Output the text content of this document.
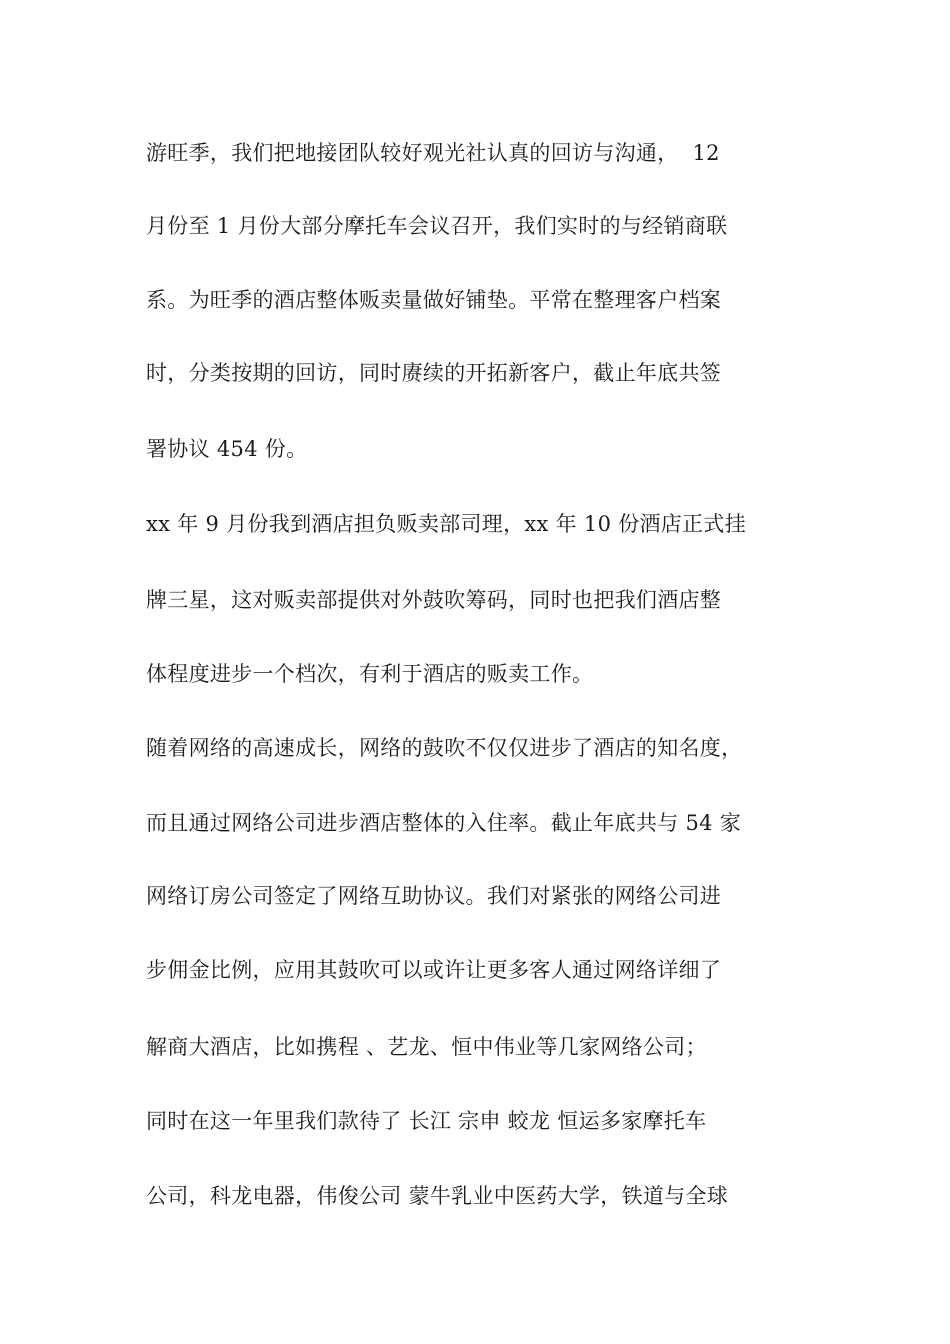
游旺季，我们把地接团队较好观光社认真的回访与沟通，  12

月份至 1 月份大部分摩托车会议召开，我们实时的与经销商联

系。为旺季的酒店整体贩卖量做好铺垫。平常在整理客户档案

时，分类按期的回访，同时赓续的开拓新客户，截止年底共签

署协议 454 份。

xx 年 9 月份我到酒店担负贩卖部司理，xx 年 10 份酒店正式挂

牌三星，这对贩卖部提供对外鼓吹筹码，同时也把我们酒店整

体程度进步一个档次，有利于酒店的贩卖工作。

随着网络的高速成长，网络的鼓吹不仅仅进步了酒店的知名度，

而且通过网络公司进步酒店整体的入住率。截止年底共与 54 家

网络订房公司签定了网络互助协议。我们对紧张的网络公司进

步佣金比例，应用其鼓吹可以或许让更多客人通过网络详细了

解商大酒店，比如携程 、艺龙、恒中伟业等几家网络公司；

同时在这一年里我们款待了 长江 宗申 蛟龙 恒运多家摩托车

公司，科龙电器，伟俊公司 蒙牛乳业中医药大学，铁道与全球
